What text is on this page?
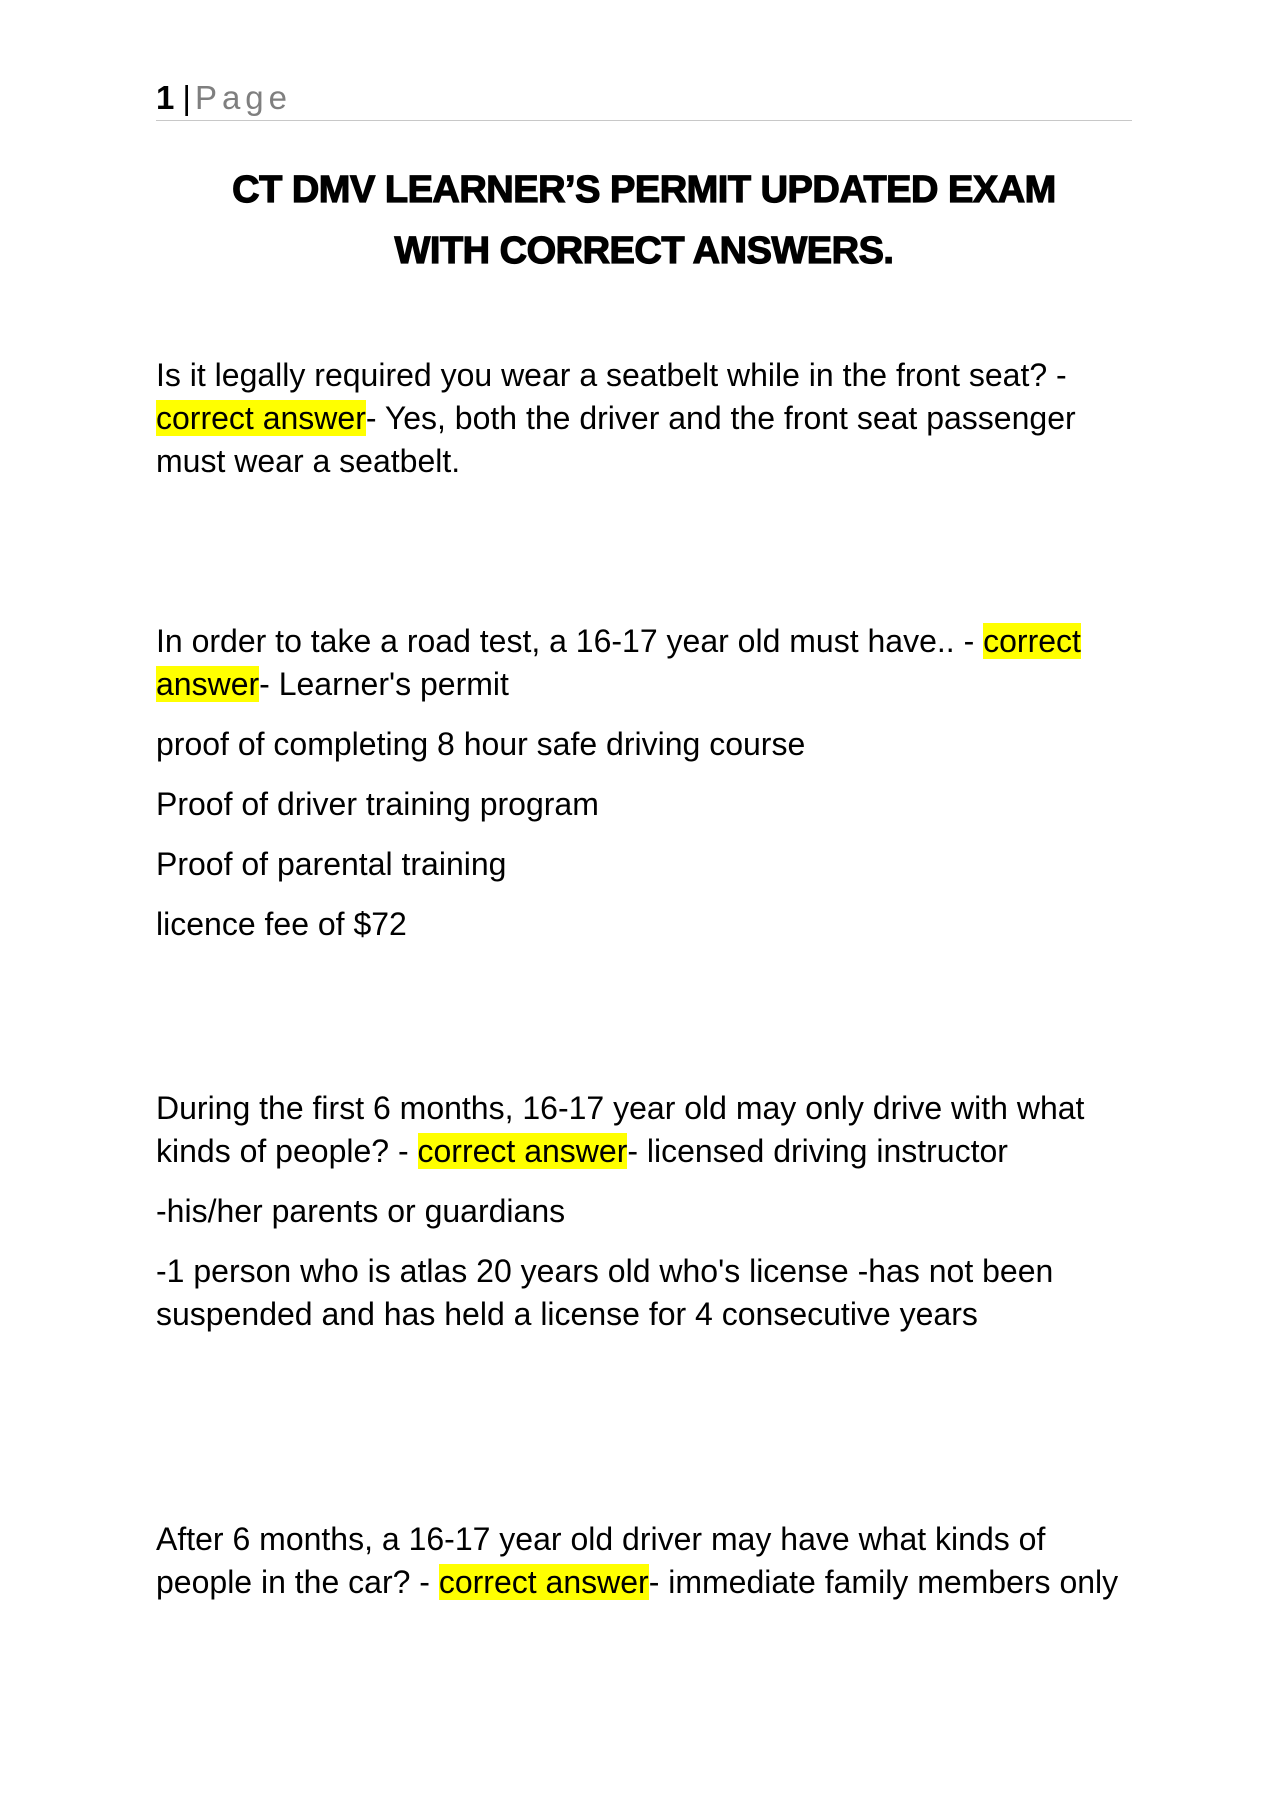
1 | Page
CT DMV LEARNER’S PERMIT UPDATED EXAM
WITH CORRECT ANSWERS.

Is it legally required you wear a seatbelt while in the front seat? - correct answer- Yes, both the driver and the front seat passenger must wear a seatbelt.

In order to take a road test, a 16-17 year old must have.. - correct answer- Learner's permit

proof of completing 8 hour safe driving course

Proof of driver training program

Proof of parental training

licence fee of $72

During the first 6 months, 16-17 year old may only drive with what kinds of people? - correct answer- licensed driving instructor

-his/her parents or guardians

-1 person who is atlas 20 years old who's license -has not been suspended and has held a license for 4 consecutive years

After 6 months, a 16-17 year old driver may have what kinds of people in the car? - correct answer- immediate family members only
